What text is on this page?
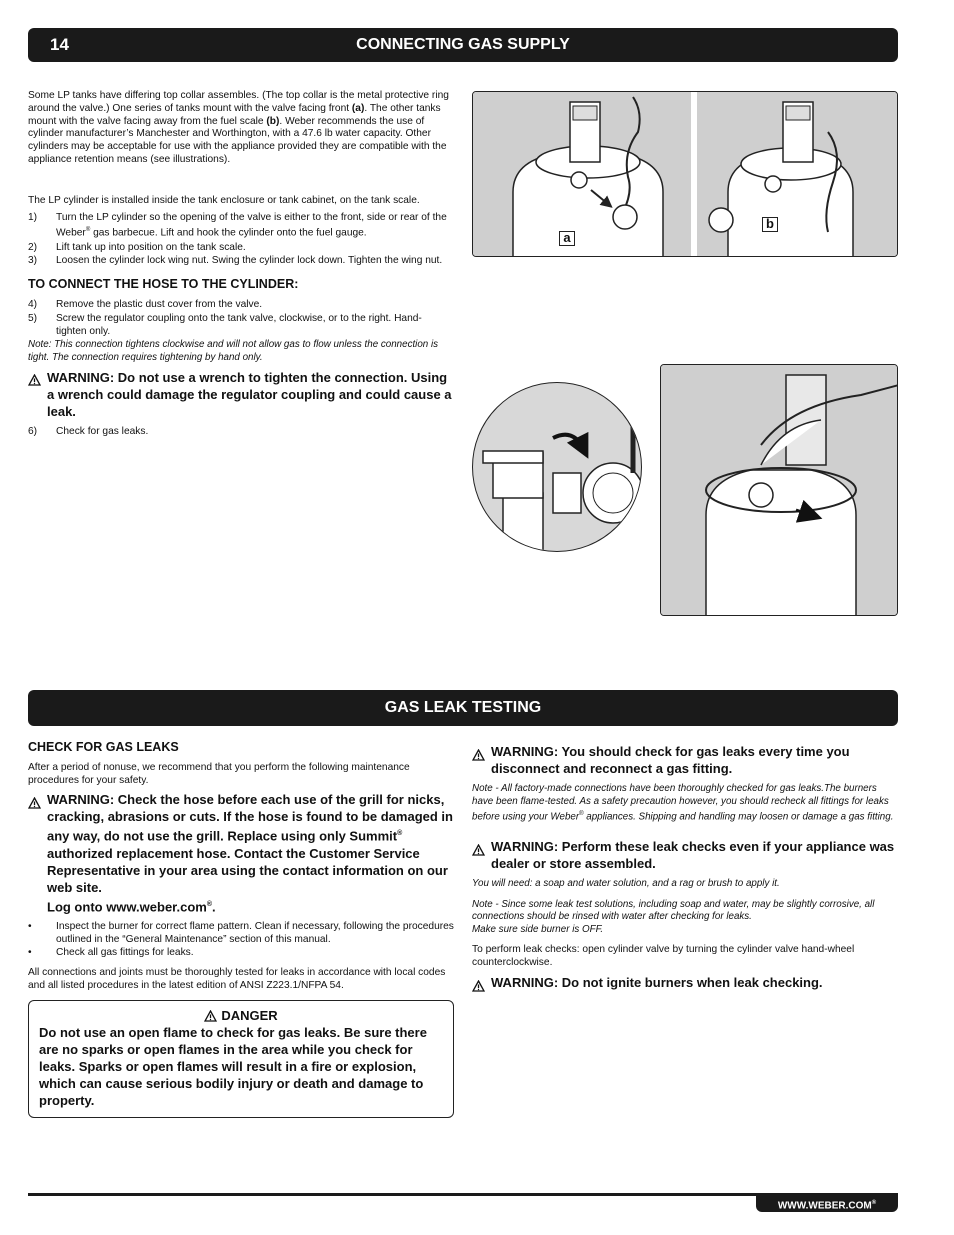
14	CONNECTING GAS SUPPLY

Some LP tanks have differing top collar assembles. (The top collar is the metal protective ring around the valve.) One series of tanks mount with the valve facing front (a). The other tanks mount with the valve facing away from the fuel scale (b). Weber recommends the use of cylinder manufacturer’s Manchester and Worthington, with a 47.6 lb water capacity. Other cylinders may be acceptable for use with the appliance provided they are compatible with the appliance retention means (see illustrations).

The LP cylinder is installed inside the tank enclosure or tank cabinet, on the tank scale.

1)	Turn the LP cylinder so the opening of the valve is either to the front, side or rear of the Weber® gas barbecue. Lift and hook the cylinder onto the fuel gauge.
2)	Lift tank up into position on the tank scale.
3)	Loosen the cylinder lock wing nut. Swing the cylinder lock down. Tighten the wing nut.
TO CONNECT THE HOSE TO THE CYLINDER:
4)	Remove the plastic dust cover from the valve.
5)	Screw the regulator coupling onto the tank valve, clockwise, or to the right. Hand-tighten only.
Note: This connection tightens clockwise and will not allow gas to flow unless the connection is tight. The connection requires tightening by hand only.
WARNING: Do not use a wrench to tighten the connection. Using a wrench could damage the regulator coupling and could cause a leak.
6)	Check for gas leaks.
a
b
GAS LEAK TESTING
CHECK FOR GAS LEAKS

After a period of nonuse, we recommend that you perform the following maintenance procedures for your safety.

WARNING: Check the hose before each use of the grill for nicks, cracking, abrasions or cuts. If the hose is found to be damaged in any way, do not use the grill. Replace using only Summit® authorized replacement hose. Contact the Customer Service Representative in your area using the contact information on our web site.
Log onto www.weber.com®.
•	Inspect the burner for correct flame pattern. Clean if necessary, following the procedures outlined in the “General Maintenance” section of this manual.
•	Check all gas fittings for leaks.

All connections and joints must be thoroughly tested for leaks in accordance with local codes and all listed procedures in the latest edition of ANSI Z223.1/NFPA 54.

DANGER
Do not use an open flame to check for gas leaks. Be sure there are no sparks or open flames in the area while you check for leaks. Sparks or open flames will result in a fire or explosion, which can cause serious bodily injury or death and damage to property.
WARNING: You should check for gas leaks every time you disconnect and reconnect a gas fitting.
Note - All factory-made connections have been thoroughly checked for gas leaks.The burners have been flame-tested. As a safety precaution however, you should recheck all fittings for leaks before using your Weber® appliances. Shipping and handling may loosen or damage a gas fitting.
WARNING: Perform these leak checks even if your appliance was dealer or store assembled.
You will need: a soap and water solution, and a rag or brush to apply it.
Note - Since some leak test solutions, including soap and water, may be slightly corrosive, all connections should be rinsed with water after checking for leaks.
Make sure side burner is OFF.

To perform leak checks: open cylinder valve by turning the cylinder valve hand-wheel counterclockwise.

WARNING: Do not ignite burners when leak checking.
WWW.WEBER.COM®
